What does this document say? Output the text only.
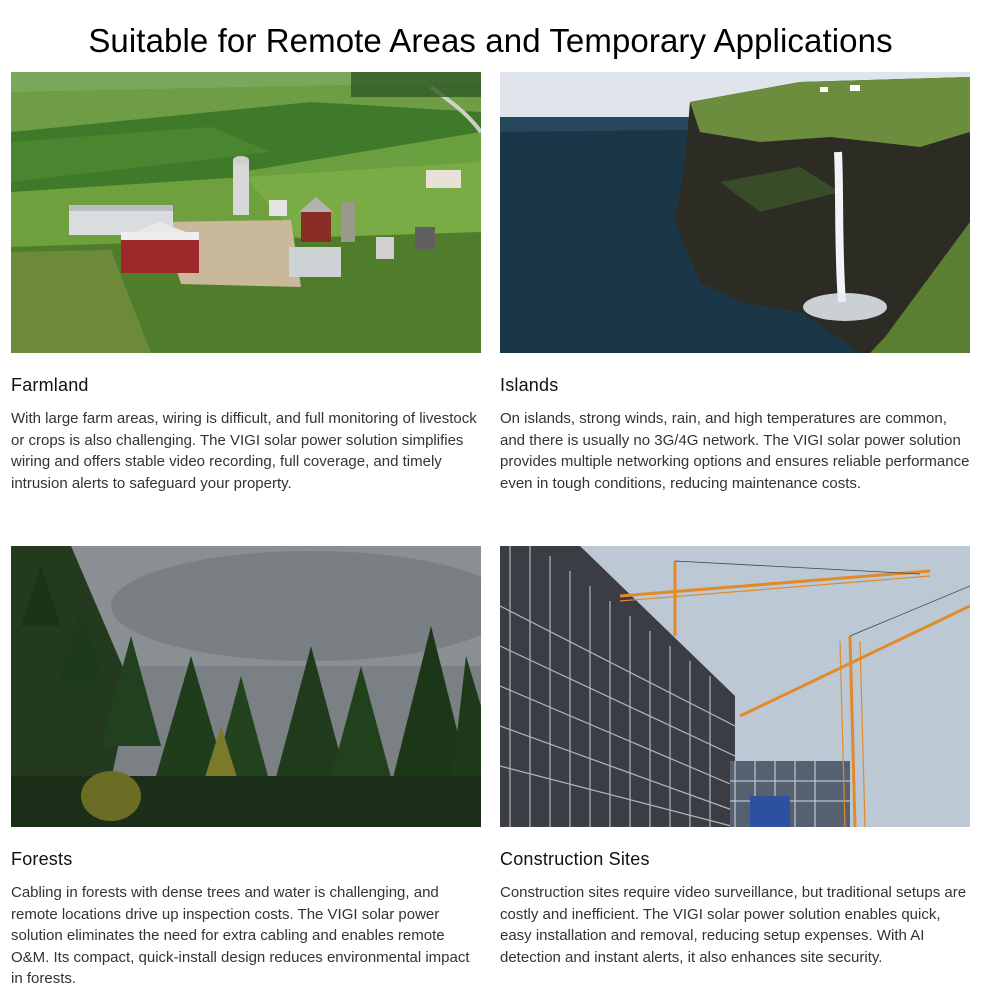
Suitable for Remote Areas and Temporary Applications
Farmland

With large farm areas, wiring is difficult, and full monitoring of livestock or crops is also challenging. The VIGI solar power solution simplifies wiring and offers stable video recording, full coverage, and timely intrusion alerts to safeguard your property.

Islands

On islands, strong winds, rain, and high temperatures are common, and there is usually no 3G/4G network. The VIGI solar power solution provides multiple networking options and ensures reliable performance even in tough conditions, reducing maintenance costs.

Forests

Cabling in forests with dense trees and water is challenging, and remote locations drive up inspection costs. The VIGI solar power solution eliminates the need for extra cabling and enables remote O&M. Its compact, quick-install design reduces environmental impact in forests.

Construction Sites

Construction sites require video surveillance, but traditional setups are costly and inefficient. The VIGI solar power solution enables quick, easy installation and removal, reducing setup expenses. With AI detection and instant alerts, it also enhances site security.
